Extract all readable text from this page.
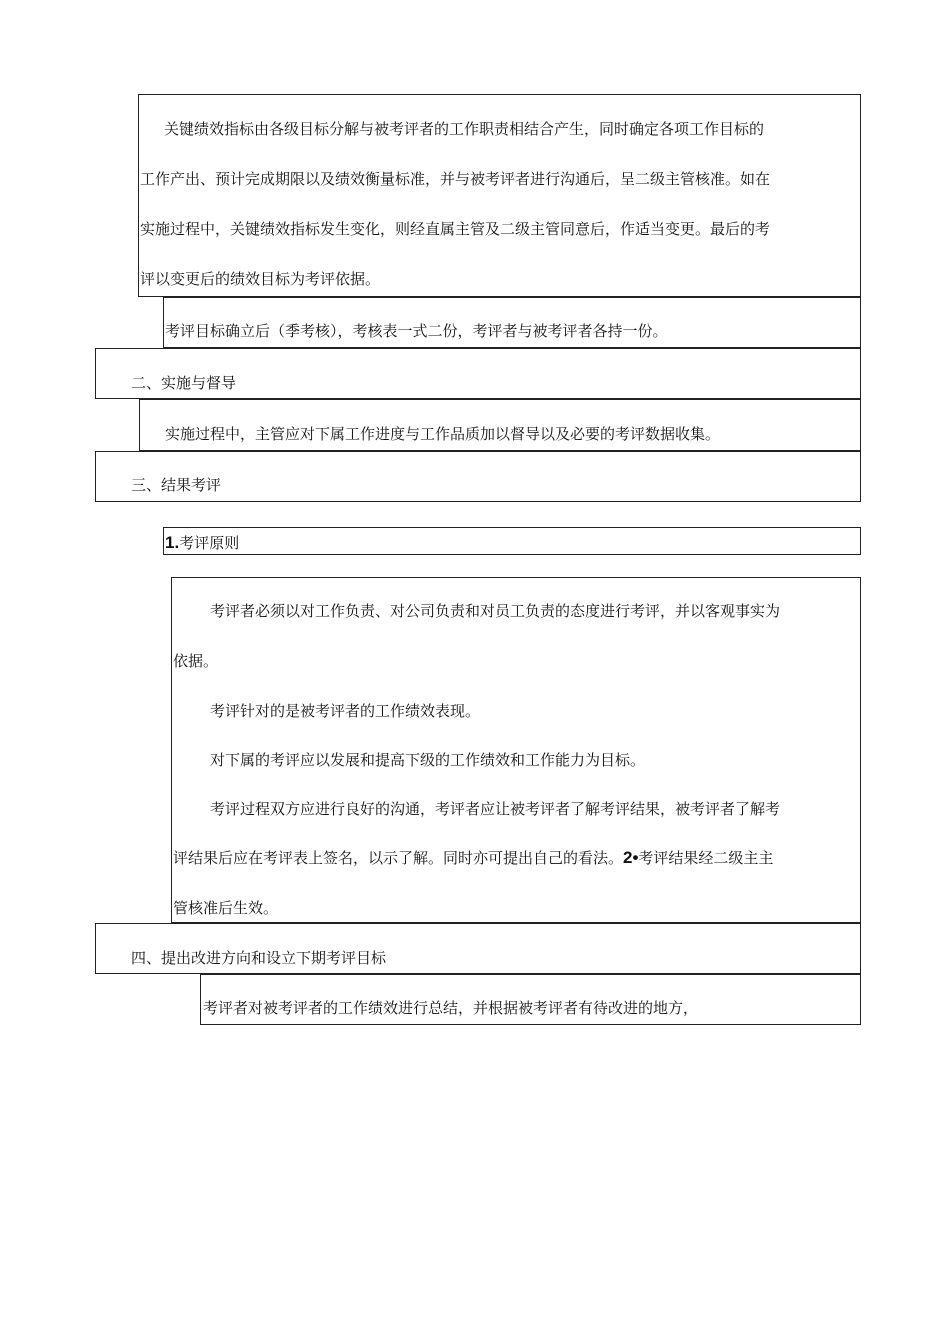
关键绩效指标由各级目标分解与被考评者的工作职责相结合产生，同时确定各项工作目标的
工作产出、预计完成期限以及绩效衡量标准，并与被考评者进行沟通后，呈二级主管核准。如在
实施过程中，关键绩效指标发生变化，则经直属主管及二级主管同意后，作适当变更。最后的考
评以变更后的绩效目标为考评依据。
考评目标确立后（季考核），考核表一式二份，考评者与被考评者各持一份。
二、实施与督导
实施过程中，主管应对下属工作进度与工作品质加以督导以及必要的考评数据收集。
三、结果考评
1.考评原则
考评者必须以对工作负责、对公司负责和对员工负责的态度进行考评，并以客观事实为
依据。
考评针对的是被考评者的工作绩效表现。
对下属的考评应以发展和提高下级的工作绩效和工作能力为目标。
考评过程双方应进行良好的沟通，考评者应让被考评者了解考评结果，被考评者了解考
评结果后应在考评表上签名，以示了解。同时亦可提出自己的看法。2•考评结果经二级主主
管核准后生效。
四、提出改进方向和设立下期考评目标
考评者对被考评者的工作绩效进行总结，并根据被考评者有待改进的地方，
